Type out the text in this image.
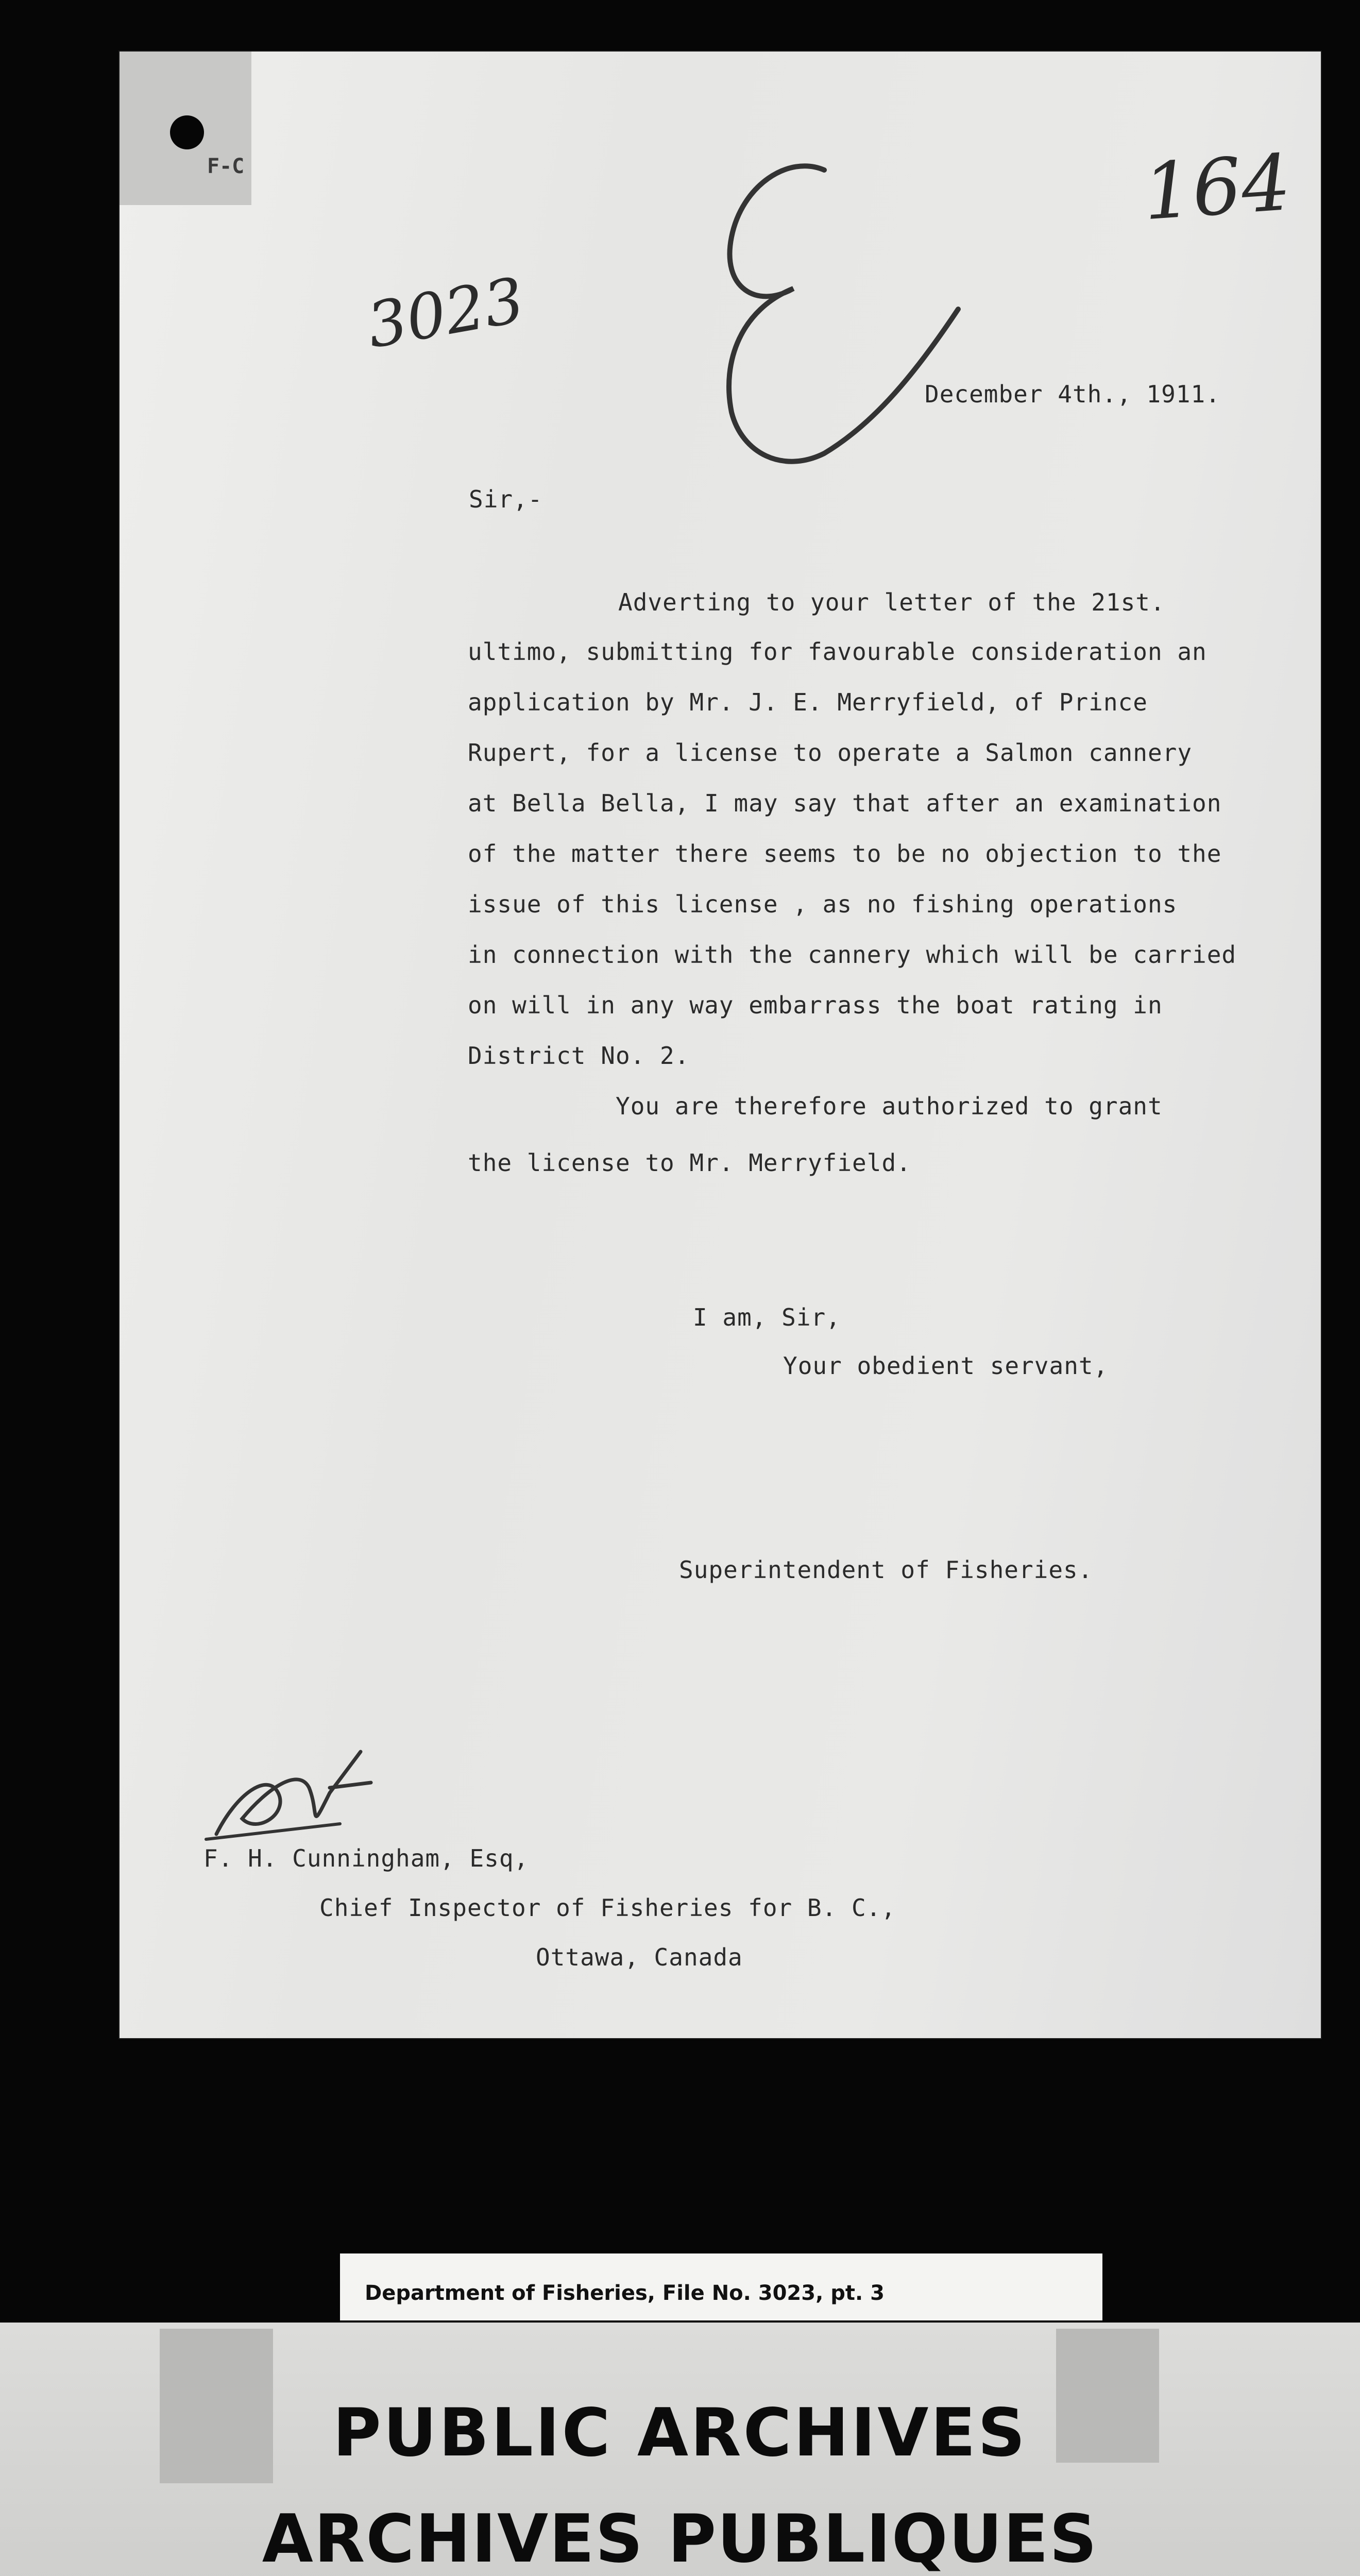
F-C	164
3023
December 4th., 1911.
Sir,-
Adverting to your letter of the 21st.
ultimo, submitting for favourable consideration an
application by Mr. J. E. Merryfield, of Prince
Rupert, for a license to operate a Salmon cannery
at Bella Bella, I may say that after an examination
of the matter there seems to be no objection to the
issue of this license , as no fishing operations
in connection with the cannery which will be carried
on will in any way embarrass the boat rating in
District No. 2.
You are therefore authorized to grant
the license to Mr. Merryfield.
I am, Sir,
Your obedient servant,
Superintendent of Fisheries.
F. H. Cunningham, Esq,
Chief Inspector of Fisheries for B. C.,
Ottawa, Canada
Department of Fisheries, File No. 3023, pt. 3
PUBLIC ARCHIVES
ARCHIVES PUBLIQUES
